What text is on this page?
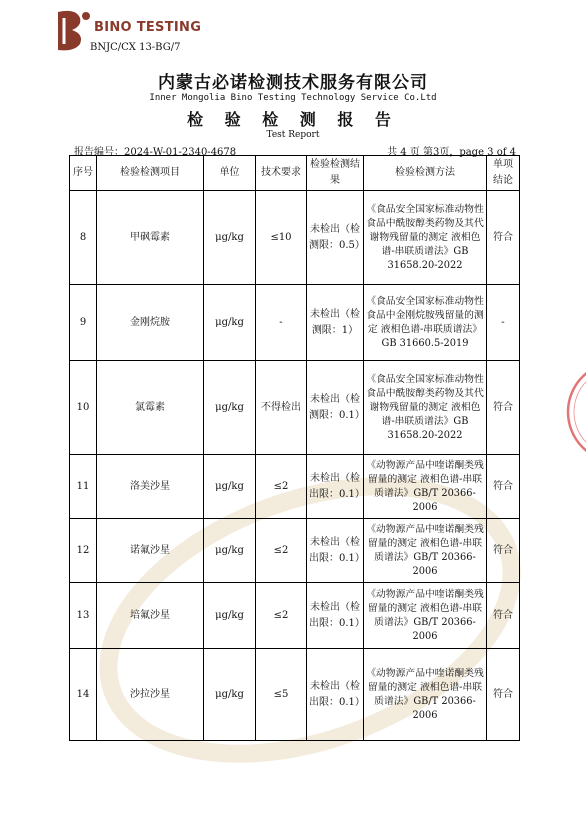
BINO TESTING
BNJC/CX 13-BG/7
内蒙古必诺检测技术服务有限公司
Inner Mongolia Bino Testing Technology Service Co.Ltd
检 验 检 测 报 告
Test Report
报告编号：2024-W-01-2340-4678	共 4 页 第3页，page 3 of 4
序号	检验检测项目	单位	技术要求	检验检测结果	检验检测方法	单项结论
8	甲砜霉素	μg/kg	≤10	未检出（检测限：0.5）	《食品安全国家标准动物性食品中酰胺醇类药物及其代谢物残留量的测定 液相色谱-串联质谱法》GB 31658.20-2022	符合
9	金刚烷胺	μg/kg	-	未检出（检测限：1）	《食品安全国家标准动物性食品中金刚烷胺残留量的测定 液相色谱-串联质谱法》GB 31660.5-2019	-
10	氯霉素	μg/kg	不得检出	未检出（检测限：0.1）	《食品安全国家标准动物性食品中酰胺醇类药物及其代谢物残留量的测定 液相色谱-串联质谱法》GB 31658.20-2022	符合
11	洛美沙星	μg/kg	≤2	未检出（检出限：0.1）	《动物源产品中喹诺酮类残留量的测定 液相色谱-串联质谱法》GB/T 20366-2006	符合
12	诺氟沙星	μg/kg	≤2	未检出（检出限：0.1）	《动物源产品中喹诺酮类残留量的测定 液相色谱-串联质谱法》GB/T 20366-2006	符合
13	培氟沙星	μg/kg	≤2	未检出（检出限：0.1）	《动物源产品中喹诺酮类残留量的测定 液相色谱-串联质谱法》GB/T 20366-2006	符合
14	沙拉沙星	μg/kg	≤5	未检出（检出限：0.1）	《动物源产品中喹诺酮类残留量的测定 液相色谱-串联质谱法》GB/T 20366-2006	符合
